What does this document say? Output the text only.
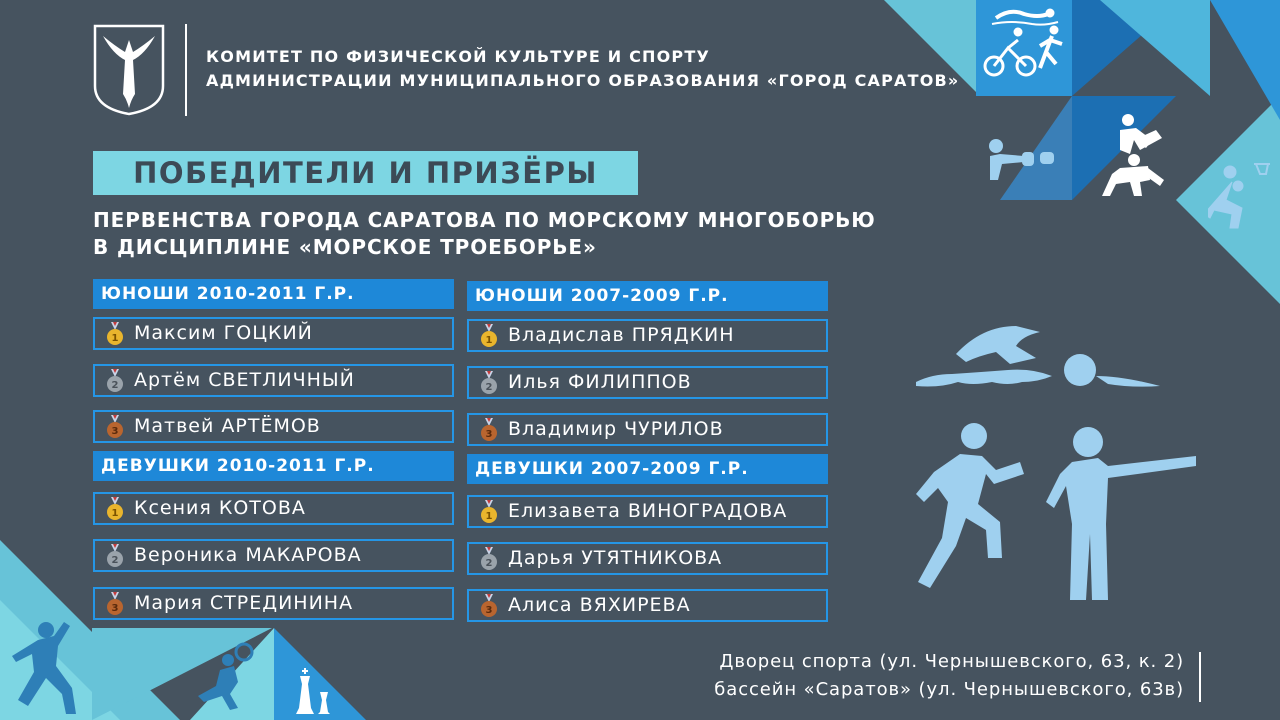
КОМИТЕТ ПО ФИЗИЧЕСКОЙ КУЛЬТУРЕ И СПОРТУ
АДМИНИСТРАЦИИ МУНИЦИПАЛЬНОГО ОБРАЗОВАНИЯ «ГОРОД САРАТОВ»
ПОБЕДИТЕЛИ И ПРИЗЁРЫ
ПЕРВЕНСТВА ГОРОДА САРАТОВА ПО МОРСКОМУ МНОГОБОРЬЮ
В ДИСЦИПЛИНЕ «МОРСКОЕ ТРОЕБОРЬЕ»
ЮНОШИ 2010-2011 Г.Р.
1 Максим ГОЦКИЙ
2 Артём СВЕТЛИЧНЫЙ
3 Матвей АРТЁМОВ
ДЕВУШКИ 2010-2011 Г.Р.
1 Ксения КОТОВА
2 Вероника МАКАРОВА
3 Мария СТРЕДИНИНА
ЮНОШИ 2007-2009 Г.Р.
1 Владислав ПРЯДКИН
2 Илья ФИЛИППОВ
3 Владимир ЧУРИЛОВ
ДЕВУШКИ 2007-2009 Г.Р.
1 Елизавета ВИНОГРАДОВА
2 Дарья УТЯТНИКОВА
3 Алиса ВЯХИРЕВА
Дворец спорта (ул. Чернышевского, 63, к. 2)
бассейн «Саратов» (ул. Чернышевского, 63в)
